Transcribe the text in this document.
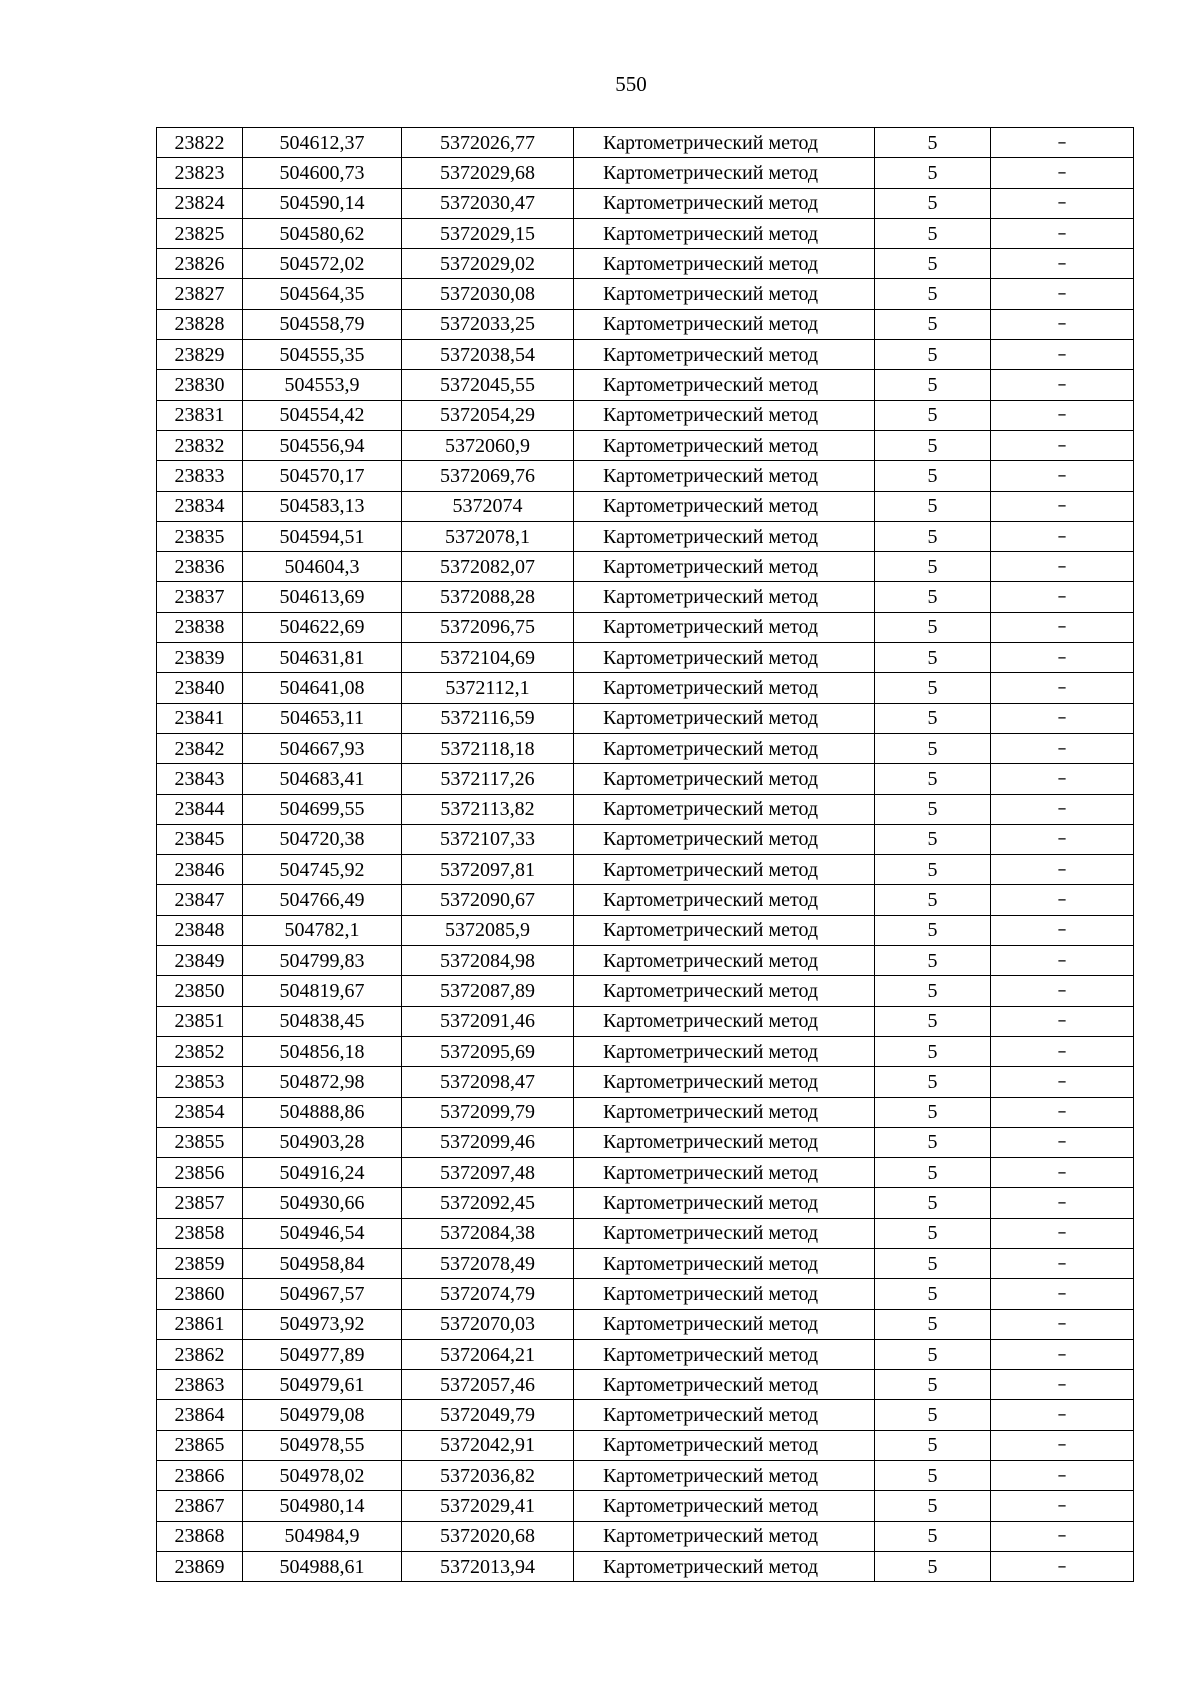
550
23822	504612,37	5372026,77	Картометрический метод	5	–
23823	504600,73	5372029,68	Картометрический метод	5	–
23824	504590,14	5372030,47	Картометрический метод	5	–
23825	504580,62	5372029,15	Картометрический метод	5	–
23826	504572,02	5372029,02	Картометрический метод	5	–
23827	504564,35	5372030,08	Картометрический метод	5	–
23828	504558,79	5372033,25	Картометрический метод	5	–
23829	504555,35	5372038,54	Картометрический метод	5	–
23830	504553,9	5372045,55	Картометрический метод	5	–
23831	504554,42	5372054,29	Картометрический метод	5	–
23832	504556,94	5372060,9	Картометрический метод	5	–
23833	504570,17	5372069,76	Картометрический метод	5	–
23834	504583,13	5372074	Картометрический метод	5	–
23835	504594,51	5372078,1	Картометрический метод	5	–
23836	504604,3	5372082,07	Картометрический метод	5	–
23837	504613,69	5372088,28	Картометрический метод	5	–
23838	504622,69	5372096,75	Картометрический метод	5	–
23839	504631,81	5372104,69	Картометрический метод	5	–
23840	504641,08	5372112,1	Картометрический метод	5	–
23841	504653,11	5372116,59	Картометрический метод	5	–
23842	504667,93	5372118,18	Картометрический метод	5	–
23843	504683,41	5372117,26	Картометрический метод	5	–
23844	504699,55	5372113,82	Картометрический метод	5	–
23845	504720,38	5372107,33	Картометрический метод	5	–
23846	504745,92	5372097,81	Картометрический метод	5	–
23847	504766,49	5372090,67	Картометрический метод	5	–
23848	504782,1	5372085,9	Картометрический метод	5	–
23849	504799,83	5372084,98	Картометрический метод	5	–
23850	504819,67	5372087,89	Картометрический метод	5	–
23851	504838,45	5372091,46	Картометрический метод	5	–
23852	504856,18	5372095,69	Картометрический метод	5	–
23853	504872,98	5372098,47	Картометрический метод	5	–
23854	504888,86	5372099,79	Картометрический метод	5	–
23855	504903,28	5372099,46	Картометрический метод	5	–
23856	504916,24	5372097,48	Картометрический метод	5	–
23857	504930,66	5372092,45	Картометрический метод	5	–
23858	504946,54	5372084,38	Картометрический метод	5	–
23859	504958,84	5372078,49	Картометрический метод	5	–
23860	504967,57	5372074,79	Картометрический метод	5	–
23861	504973,92	5372070,03	Картометрический метод	5	–
23862	504977,89	5372064,21	Картометрический метод	5	–
23863	504979,61	5372057,46	Картометрический метод	5	–
23864	504979,08	5372049,79	Картометрический метод	5	–
23865	504978,55	5372042,91	Картометрический метод	5	–
23866	504978,02	5372036,82	Картометрический метод	5	–
23867	504980,14	5372029,41	Картометрический метод	5	–
23868	504984,9	5372020,68	Картометрический метод	5	–
23869	504988,61	5372013,94	Картометрический метод	5	–
